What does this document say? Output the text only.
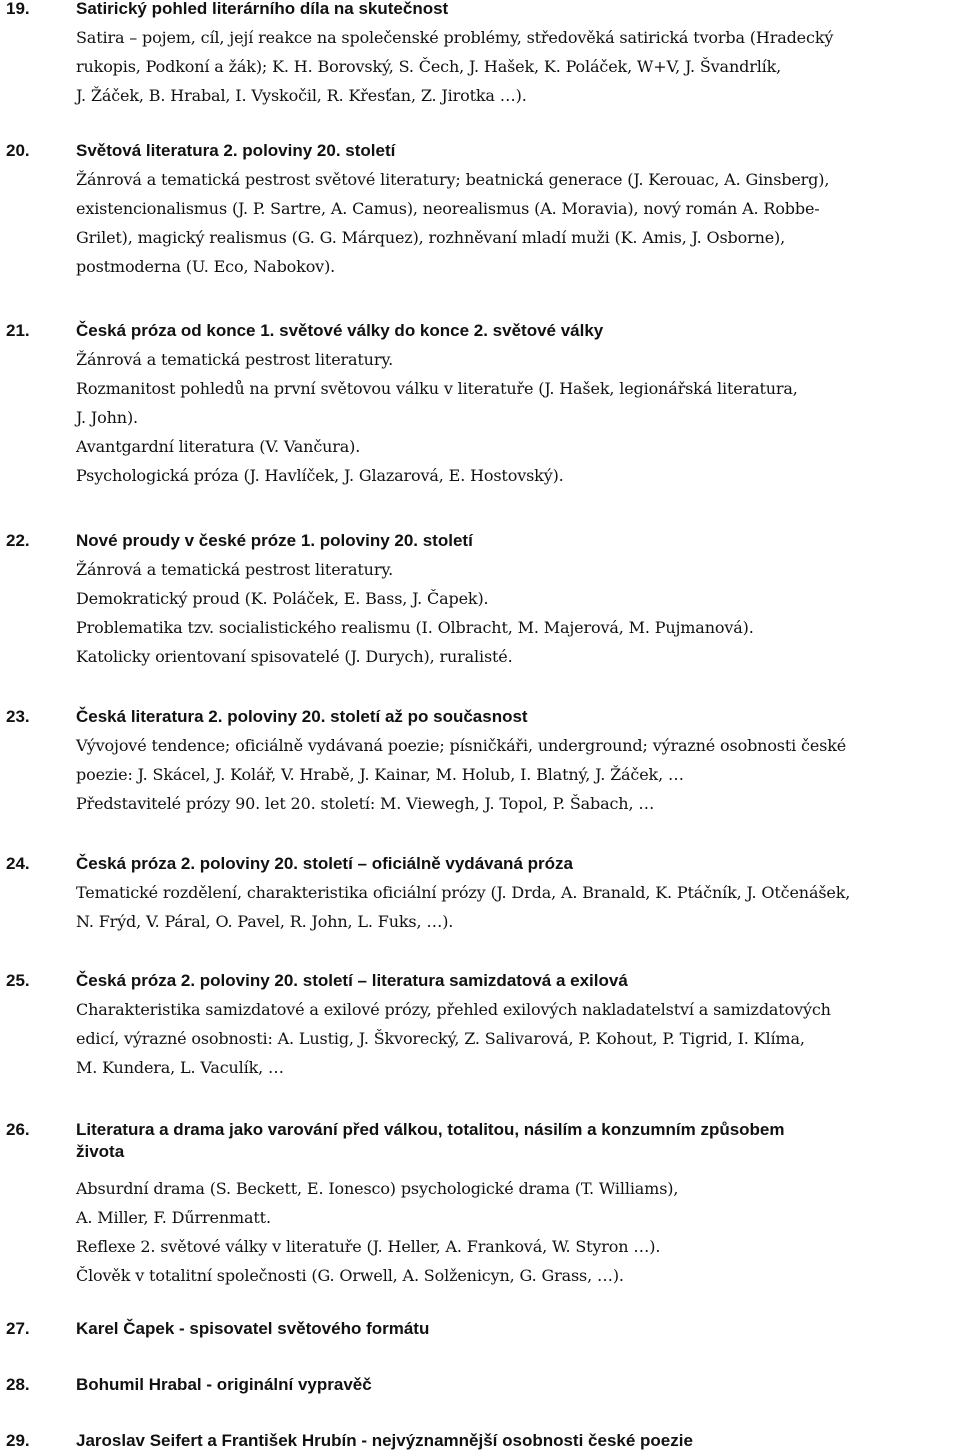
19.	Satirický pohled literárního díla na skutečnost
Satira – pojem, cíl, její reakce na společenské problémy, středověká satirická tvorba (Hradecký
rukopis, Podkoní a žák); K. H. Borovský, S. Čech, J. Hašek, K. Poláček, W+V, J. Švandrlík,
J. Žáček, B. Hrabal, I. Vyskočil, R. Křesťan, Z. Jirotka …).
20.	Světová literatura 2. poloviny 20. století
Žánrová a tematická pestrost světové literatury; beatnická generace (J. Kerouac, A. Ginsberg),
existencionalismus (J. P. Sartre, A. Camus), neorealismus (A. Moravia), nový román A. Robbe-
Grilet), magický realismus (G. G. Márquez), rozhněvaní mladí muži (K. Amis, J. Osborne),
postmoderna (U. Eco, Nabokov).
21.	Česká próza od konce 1. světové války do konce 2. světové války
Žánrová a tematická pestrost literatury.
Rozmanitost pohledů na první světovou válku v literatuře (J. Hašek, legionářská literatura,
J. John).
Avantgardní literatura (V. Vančura).
Psychologická próza (J. Havlíček, J. Glazarová, E. Hostovský).
22.	Nové proudy v české próze 1. poloviny 20. století
Žánrová a tematická pestrost literatury.
Demokratický proud (K. Poláček, E. Bass, J. Čapek).
Problematika tzv. socialistického realismu (I. Olbracht, M. Majerová, M. Pujmanová).
Katolicky orientovaní spisovatelé (J. Durych), ruralisté.
23.	Česká literatura 2. poloviny 20. století až po současnost
Vývojové tendence; oficiálně vydávaná poezie; písničkáři, underground; výrazné osobnosti české
poezie: J. Skácel, J. Kolář, V. Hrabě, J. Kainar, M. Holub, I. Blatný, J. Žáček, …
Představitelé prózy 90. let 20. století: M. Viewegh, J. Topol, P. Šabach, …
24.	Česká próza 2. poloviny 20. století – oficiálně vydávaná próza
Tematické rozdělení, charakteristika oficiální prózy (J. Drda, A. Branald, K. Ptáčník, J. Otčenášek,
N. Frýd, V. Páral, O. Pavel, R. John, L. Fuks, …).
25.	Česká próza 2. poloviny 20. století – literatura samizdatová a exilová
Charakteristika samizdatové a exilové prózy, přehled exilových nakladatelství a samizdatových
edicí, výrazné osobnosti: A. Lustig, J. Škvorecký, Z. Salivarová, P. Kohout, P. Tigrid, I. Klíma,
M. Kundera, L. Vaculík, …
26.	Literatura a drama jako varování před válkou, totalitou, násilím a konzumním způsobem
života
Absurdní drama (S. Beckett, E. Ionesco) psychologické drama (T. Williams),
A. Miller, F. Dűrrenmatt.
Reflexe 2. světové války v literatuře (J. Heller, A. Franková, W. Styron …).
Člověk v totalitní společnosti (G. Orwell, A. Solženicyn, G. Grass, …).
27.	Karel Čapek - spisovatel světového formátu
28.	Bohumil Hrabal - originální vypravěč
29.	Jaroslav Seifert a František Hrubín - nejvýznamnější osobnosti české poezie
